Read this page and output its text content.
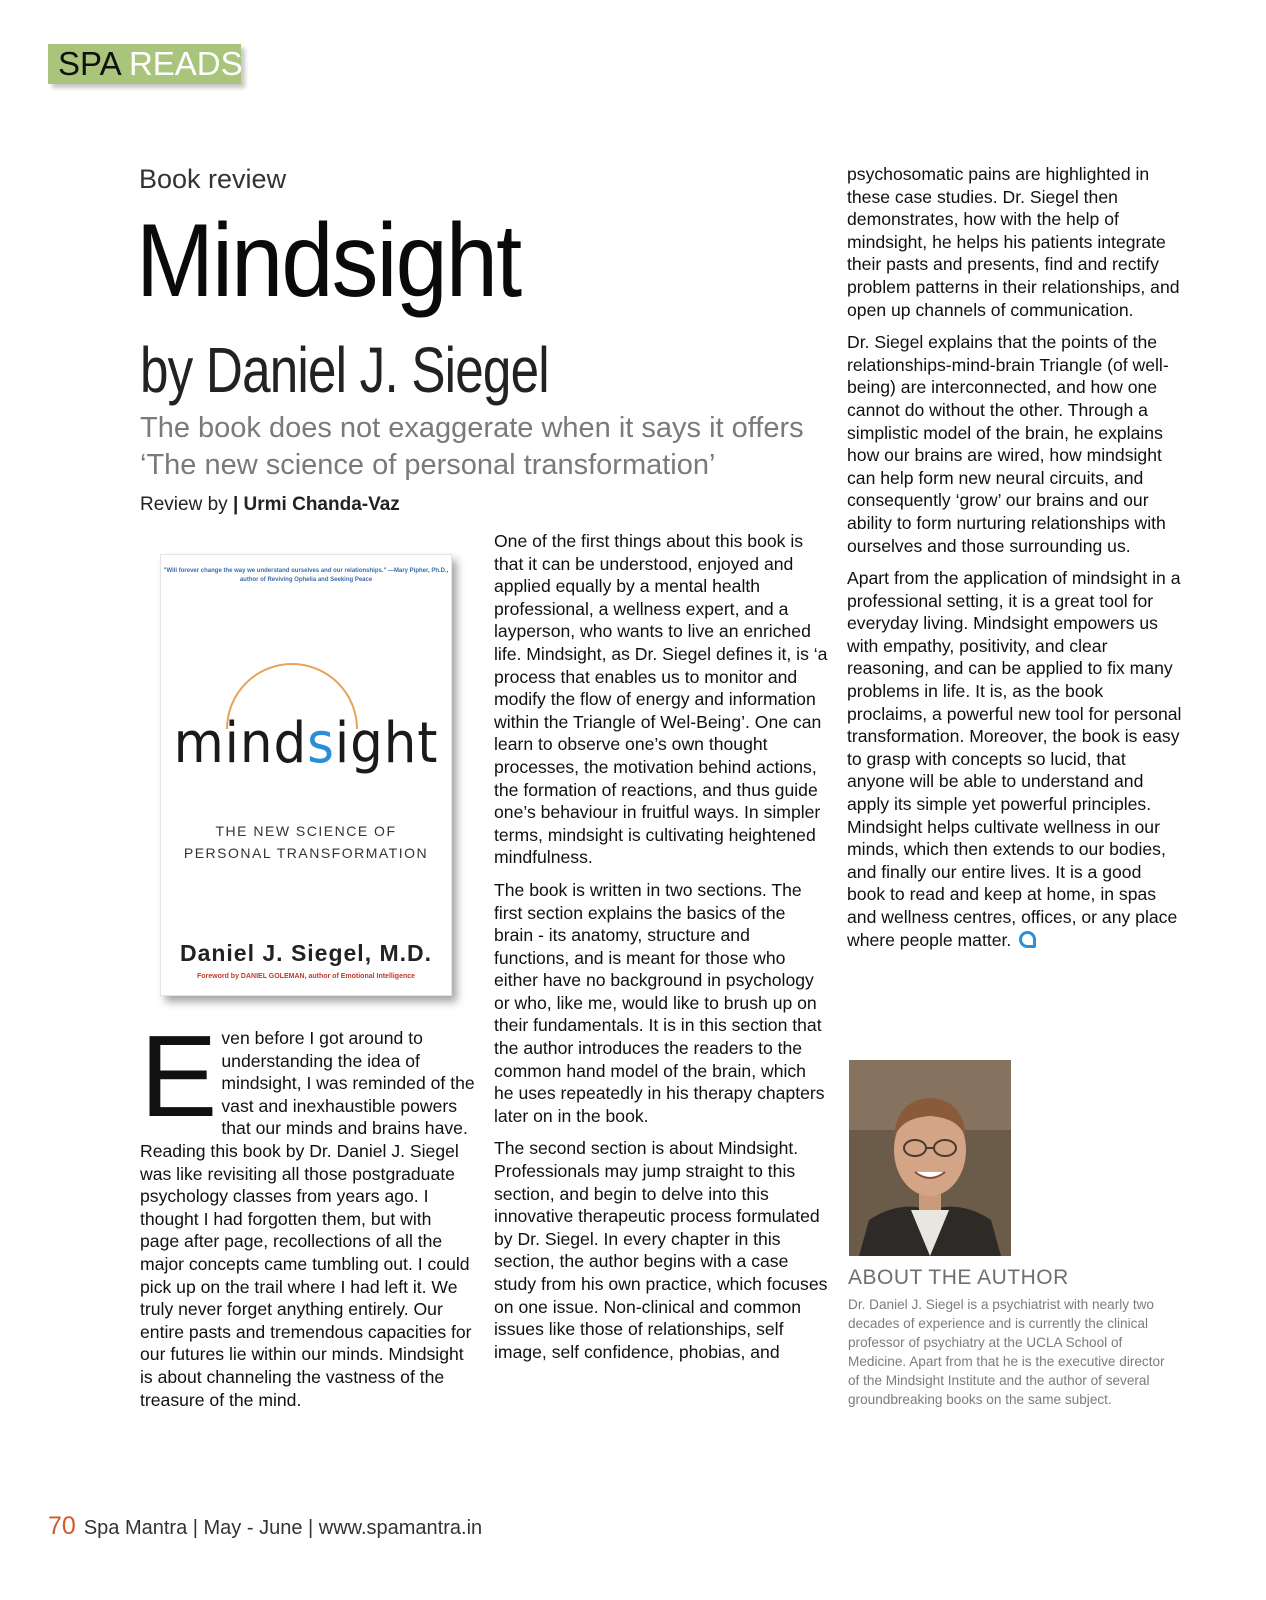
SPA READS
Book review
Mindsight
by Daniel J. Siegel
The book does not exaggerate when it says it offers ‘The new science of personal transformation’
Review by | Urmi Chanda-Vaz
"Will forever change the way we understand ourselves and our relationships." —Mary Pipher, Ph.D., author of Reviving Ophelia and Seeking Peace
mindsight
THE NEW SCIENCE OF PERSONAL TRANSFORMATION
Daniel J. Siegel, M.D.
Foreword by DANIEL GOLEMAN, author of Emotional Intelligence

Even before I got around to understanding the idea of mindsight, I was reminded of the vast and inexhaustible powers that our minds and brains have. Reading this book by Dr. Daniel J. Siegel was like revisiting all those postgraduate psychology classes from years ago. I thought I had forgotten them, but with page after page, recollections of all the major concepts came tumbling out. I could pick up on the trail where I had left it. We truly never forget anything entirely. Our entire pasts and tremendous capacities for our futures lie within our minds. Mindsight is about channeling the vastness of the treasure of the mind.

One of the first things about this book is that it can be understood, enjoyed and applied equally by a mental health professional, a wellness expert, and a layperson, who wants to live an enriched life. Mindsight, as Dr. Siegel defines it, is ‘a process that enables us to monitor and modify the flow of energy and information within the Triangle of Wel-Being’. One can learn to observe one’s own thought processes, the motivation behind actions, the formation of reactions, and thus guide one’s behaviour in fruitful ways. In simpler terms, mindsight is cultivating heightened mindfulness.

The book is written in two sections. The first section explains the basics of the brain - its anatomy, structure and functions, and is meant for those who either have no background in psychology or who, like me, would like to brush up on their fundamentals. It is in this section that the author introduces the readers to the common hand model of the brain, which he uses repeatedly in his therapy chapters later on in the book.

The second section is about Mindsight. Professionals may jump straight to this section, and begin to delve into this innovative therapeutic process formulated by Dr. Siegel. In every chapter in this section, the author begins with a case study from his own practice, which focuses on one issue. Non-clinical and common issues like those of relationships, self image, self confidence, phobias, and

psychosomatic pains are highlighted in these case studies. Dr. Siegel then demonstrates, how with the help of mindsight, he helps his patients integrate their pasts and presents, find and rectify problem patterns in their relationships, and open up channels of communication.

Dr. Siegel explains that the points of the relationships-mind-brain Triangle (of well-being) are interconnected, and how one cannot do without the other. Through a simplistic model of the brain, he explains how our brains are wired, how mindsight can help form new neural circuits, and consequently ‘grow’ our brains and our ability to form nurturing relationships with ourselves and those surrounding us.

Apart from the application of mindsight in a professional setting, it is a great tool for everyday living. Mindsight empowers us with empathy, positivity, and clear reasoning, and can be applied to fix many problems in life. It is, as the book proclaims, a powerful new tool for personal transformation. Moreover, the book is easy to grasp with concepts so lucid, that anyone will be able to understand and apply its simple yet powerful principles. Mindsight helps cultivate wellness in our minds, which then extends to our bodies, and finally our entire lives. It is a good book to read and keep at home, in spas and wellness centres, offices, or any place where people matter.

ABOUT THE AUTHOR
Dr. Daniel J. Siegel is a psychiatrist with nearly two decades of experience and is currently the clinical professor of psychiatry at the UCLA School of Medicine. Apart from that he is the executive director of the Mindsight Institute and the author of several groundbreaking books on the same subject.
70 Spa Mantra | May - June | www.spamantra.in
